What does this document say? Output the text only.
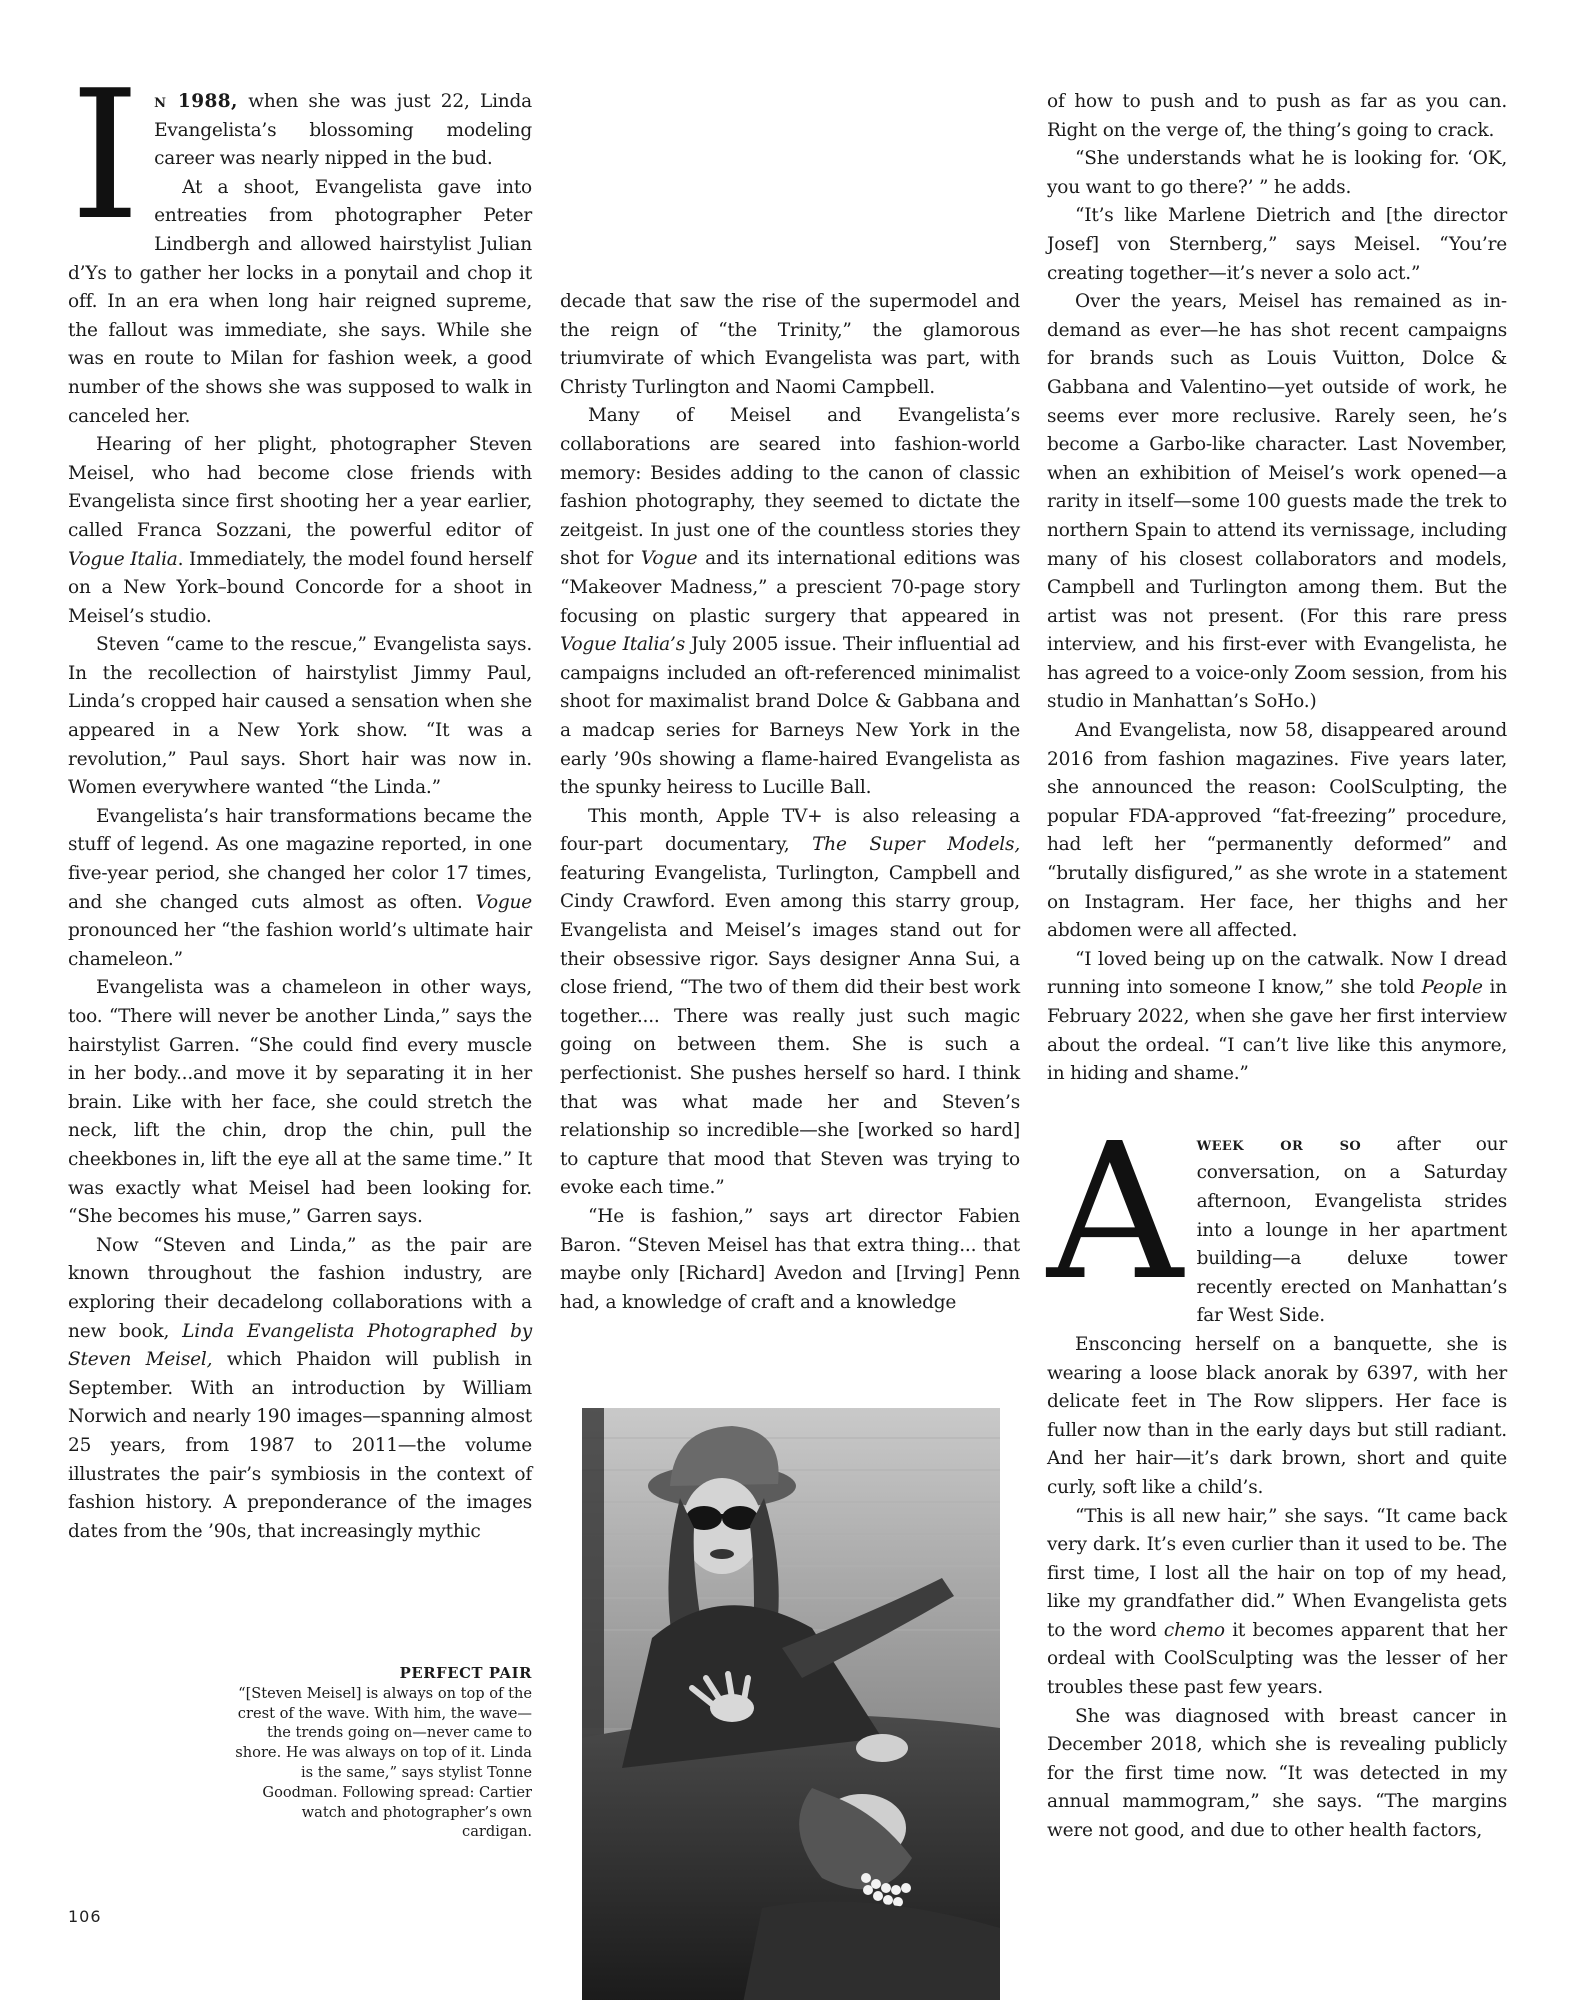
In 1988, when she was just 22, Linda Evangelista’s blossoming modeling career was nearly nipped in the bud.

At a shoot, Evangelista gave into entreaties from photographer Peter Lindbergh and allowed hairstylist Julian d’Ys to gather her locks in a ponytail and chop it off. In an era when long hair reigned supreme, the fallout was immediate, she says. While she was en route to Milan for fashion week, a good number of the shows she was supposed to walk in canceled her.

Hearing of her plight, photographer Steven Meisel, who had become close friends with Evangelista since first shooting her a year earlier, called Franca Sozzani, the powerful editor of Vogue Italia. Immediately, the model found herself on a New York–bound Concorde for a shoot in Meisel’s studio.

Steven “came to the rescue,” Evangelista says. In the recollection of hairstylist Jimmy Paul, Linda’s cropped hair caused a sensation when she appeared in a New York show. “It was a revolution,” Paul says. Short hair was now in. Women everywhere wanted “the Linda.”

Evangelista’s hair transformations became the stuff of legend. As one magazine reported, in one five-year period, she changed her color 17 times, and she changed cuts almost as often. Vogue pronounced her “the fashion world’s ultimate hair chameleon.”

Evangelista was a chameleon in other ways, too. “There will never be another Linda,” says the hairstylist Garren. “She could find every muscle in her body...and move it by separating it in her brain. Like with her face, she could stretch the neck, lift the chin, drop the chin, pull the cheekbones in, lift the eye all at the same time.” It was exactly what Meisel had been looking for. “She becomes his muse,” Garren says.

Now “Steven and Linda,” as the pair are known throughout the fashion industry, are exploring their decadelong collaborations with a new book, Linda Evangelista Photographed by Steven Meisel, which Phaidon will publish in September. With an introduction by William Norwich and nearly 190 images—spanning almost 25 years, from 1987 to 2011—the volume illustrates the pair’s symbiosis in the context of fashion history. A preponderance of the images dates from the ’90s, that increasingly mythic

decade that saw the rise of the supermodel and the reign of “the Trinity,” the glamorous triumvirate of which Evangelista was part, with Christy Turlington and Naomi Campbell.

Many of Meisel and Evangelista’s collaborations are seared into fashion-world memory: Besides adding to the canon of classic fashion photography, they seemed to dictate the zeitgeist. In just one of the countless stories they shot for Vogue and its international editions was “Makeover Madness,” a prescient 70-page story focusing on plastic surgery that appeared in Vogue Italia’s July 2005 issue. Their influential ad campaigns included an oft-referenced minimalist shoot for maximalist brand Dolce & Gabbana and a madcap series for Barneys New York in the early ’90s showing a flame-haired Evangelista as the spunky heiress to Lucille Ball.

This month, Apple TV+ is also releasing a four-part documentary, The Super Models, featuring Evangelista, Turlington, Campbell and Cindy Crawford. Even among this starry group, Evangelista and Meisel’s images stand out for their obsessive rigor. Says designer Anna Sui, a close friend, “The two of them did their best work together.... There was really just such magic going on between them. She is such a perfectionist. She pushes herself so hard. I think that was what made her and Steven’s relationship so incredible—she [worked so hard] to capture that mood that Steven was trying to evoke each time.”

“He is fashion,” says art director Fabien Baron. “Steven Meisel has that extra thing... that maybe only [Richard] Avedon and [Irving] Penn had, a knowledge of craft and a knowledge

of how to push and to push as far as you can. Right on the verge of, the thing’s going to crack.

“She understands what he is looking for. ‘OK, you want to go there?’ ” he adds.

“It’s like Marlene Dietrich and [the director Josef] von Sternberg,” says Meisel. “You’re creating together—it’s never a solo act.”

Over the years, Meisel has remained as in-demand as ever—he has shot recent campaigns for brands such as Louis Vuitton, Dolce & Gabbana and Valentino—yet outside of work, he seems ever more reclusive. Rarely seen, he’s become a Garbo-like character. Last November, when an exhibition of Meisel’s work opened—a rarity in itself—some 100 guests made the trek to northern Spain to attend its vernissage, including many of his closest collaborators and models, Campbell and Turlington among them. But the artist was not present. (For this rare press interview, and his first-ever with Evangelista, he has agreed to a voice-only Zoom session, from his studio in Manhattan’s SoHo.)

And Evangelista, now 58, disappeared around 2016 from fashion magazines. Five years later, she announced the reason: CoolSculpting, the popular FDA-approved “fat-freezing” procedure, had left her “permanently deformed” and “brutally disfigured,” as she wrote in a statement on Instagram. Her face, her thighs and her abdomen were all affected.

“I loved being up on the catwalk. Now I dread running into someone I know,” she told People in February 2022, when she gave her first interview about the ordeal. “I can’t live like this anymore, in hiding and shame.”

Aweek or so after our conversation, on a Saturday afternoon, Evangelista strides into a lounge in her apartment building—a deluxe tower recently erected on Manhattan’s far West Side.

Ensconcing herself on a banquette, she is wearing a loose black anorak by 6397, with her delicate feet in The Row slippers. Her face is fuller now than in the early days but still radiant. And her hair—it’s dark brown, short and quite curly, soft like a child’s.

“This is all new hair,” she says. “It came back very dark. It’s even curlier than it used to be. The first time, I lost all the hair on top of my head, like my grandfather did.” When Evangelista gets to the word chemo it becomes apparent that her ordeal with CoolSculpting was the lesser of her troubles these past few years.

She was diagnosed with breast cancer in December 2018, which she is revealing publicly for the first time now. “It was detected in my annual mammogram,” she says. “The margins were not good, and due to other health factors,

PERFECT PAIR
“[Steven Meisel] is always on top of the crest of the wave. With him, the wave—the trends going on—never came to shore. He was always on top of it. Linda is the same,” says stylist Tonne Goodman. Following spread: Cartier watch and photographer’s own cardigan.
106
